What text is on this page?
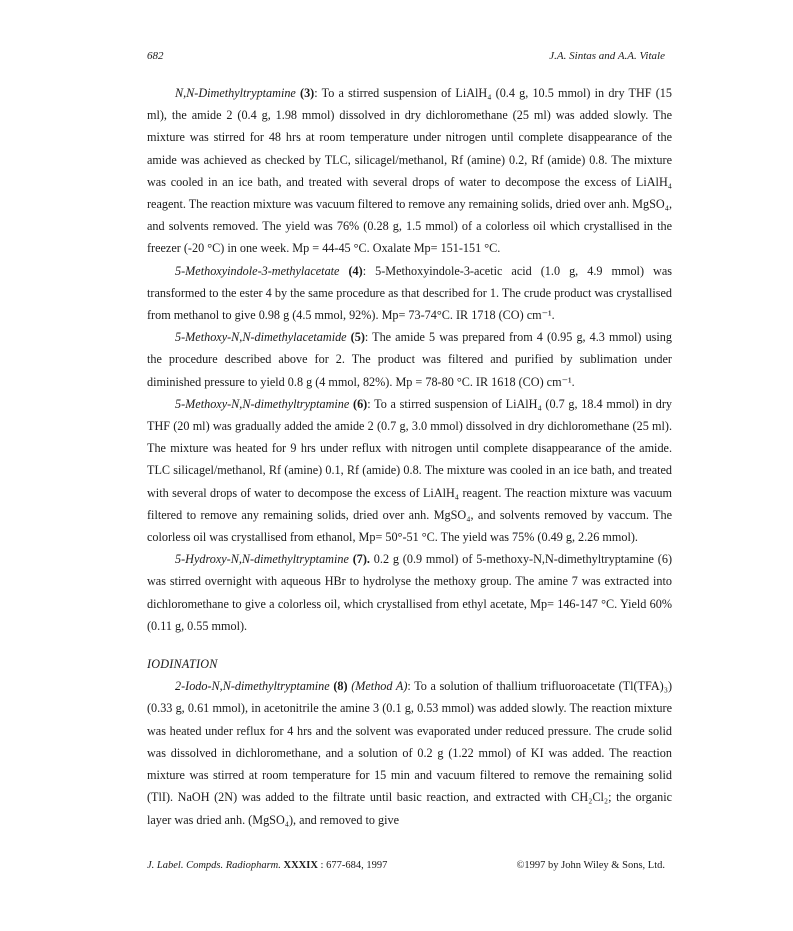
682	J.A. Sintas and A.A. Vitale

N,N-Dimethyltryptamine (3): To a stirred suspension of LiAlH₄ (0.4 g, 10.5 mmol) in dry THF (15 ml), the amide 2 (0.4 g, 1.98 mmol) dissolved in dry dichloromethane (25 ml) was added slowly. The mixture was stirred for 48 hrs at room temperature under nitrogen until complete disappearance of the amide was achieved as checked by TLC, silicagel/methanol, Rf (amine) 0.2, Rf (amide) 0.8. The mixture was cooled in an ice bath, and treated with several drops of water to decompose the excess of LiAlH₄ reagent. The reaction mixture was vacuum filtered to remove any remaining solids, dried over anh. MgSO₄, and solvents removed. The yield was 76% (0.28 g, 1.5 mmol) of a colorless oil which crystallised in the freezer (-20 °C) in one week. Mp = 44-45 °C. Oxalate Mp= 151-151 °C.

5-Methoxyindole-3-methylacetate (4): 5-Methoxyindole-3-acetic acid (1.0 g, 4.9 mmol) was transformed to the ester 4 by the same procedure as that described for 1. The crude product was crystallised from methanol to give 0.98 g (4.5 mmol, 92%). Mp= 73-74°C. IR 1718 (CO) cm⁻¹.

5-Methoxy-N,N-dimethylacetamide (5): The amide 5 was prepared from 4 (0.95 g, 4.3 mmol) using the procedure described above for 2. The product was filtered and purified by sublimation under diminished pressure to yield 0.8 g (4 mmol, 82%). Mp = 78-80 °C. IR 1618 (CO) cm⁻¹.

5-Methoxy-N,N-dimethyltryptamine (6): To a stirred suspension of LiAlH₄ (0.7 g, 18.4 mmol) in dry THF (20 ml) was gradually added the amide 2 (0.7 g, 3.0 mmol) dissolved in dry dichloromethane (25 ml). The mixture was heated for 9 hrs under reflux with nitrogen until complete disappearance of the amide. TLC silicagel/methanol, Rf (amine) 0.1, Rf (amide) 0.8. The mixture was cooled in an ice bath, and treated with several drops of water to decompose the excess of LiAlH₄ reagent. The reaction mixture was vacuum filtered to remove any remaining solids, dried over anh. MgSO₄, and solvents removed by vaccum. The colorless oil was crystallised from ethanol, Mp= 50°-51 °C. The yield was 75% (0.49 g, 2.26 mmol).

5-Hydroxy-N,N-dimethyltryptamine (7). 0.2 g (0.9 mmol) of 5-methoxy-N,N-dimethyltryptamine (6) was stirred overnight with aqueous HBr to hydrolyse the methoxy group. The amine 7 was extracted into dichloromethane to give a colorless oil, which crystallised from ethyl acetate, Mp= 146-147 °C. Yield 60% (0.11 g, 0.55 mmol).

IODINATION

2-Iodo-N,N-dimethyltryptamine (8) (Method A): To a solution of thallium trifluoroacetate (Tl(TFA)₃) (0.33 g, 0.61 mmol), in acetonitrile the amine 3 (0.1 g, 0.53 mmol) was added slowly. The reaction mixture was heated under reflux for 4 hrs and the solvent was evaporated under reduced pressure. The crude solid was dissolved in dichloromethane, and a solution of 0.2 g (1.22 mmol) of KI was added. The reaction mixture was stirred at room temperature for 15 min and vacuum filtered to remove the remaining solid (TlI). NaOH (2N) was added to the filtrate until basic reaction, and extracted with CH₂Cl₂; the organic layer was dried anh. (MgSO₄), and removed to give

J. Label. Compds. Radiopharm. XXXIX : 677-684, 1997	©1997 by John Wiley & Sons, Ltd.
